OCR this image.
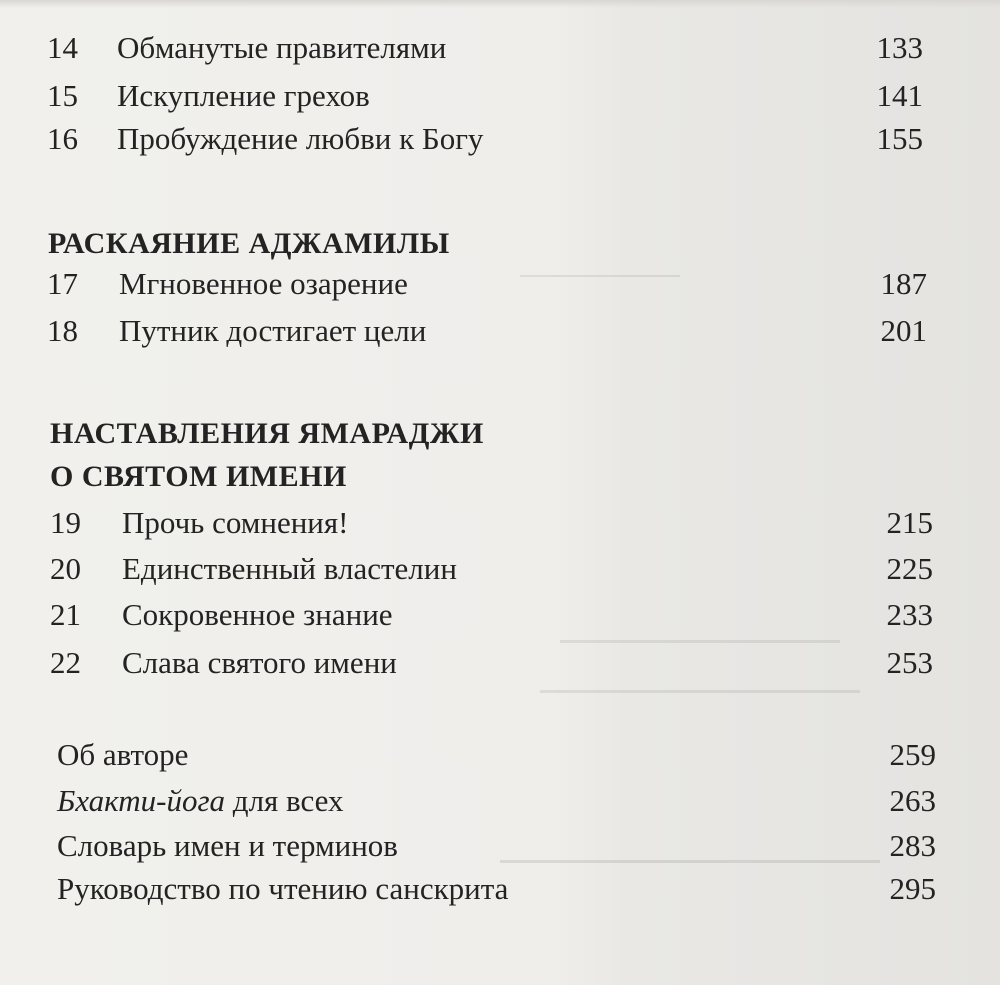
14 Обманутые правителями	133
15 Искупление грехов	141
16 Пробуждение любви к Богу	155
РАСКАЯНИЕ АДЖАМИЛЫ
17 Мгновенное озарение	187
18 Путник достигает цели	201
НАСТАВЛЕНИЯ ЯМАРАДЖИ
О СВЯТОМ ИМЕНИ
19 Прочь сомнения!	215
20 Единственный властелин	225
21 Сокровенное знание	233
22 Слава святого имени	253
Об авторе	259
Бхакти-йога для всех	263
Словарь имен и терминов	283
Руководство по чтению санскрита	295
